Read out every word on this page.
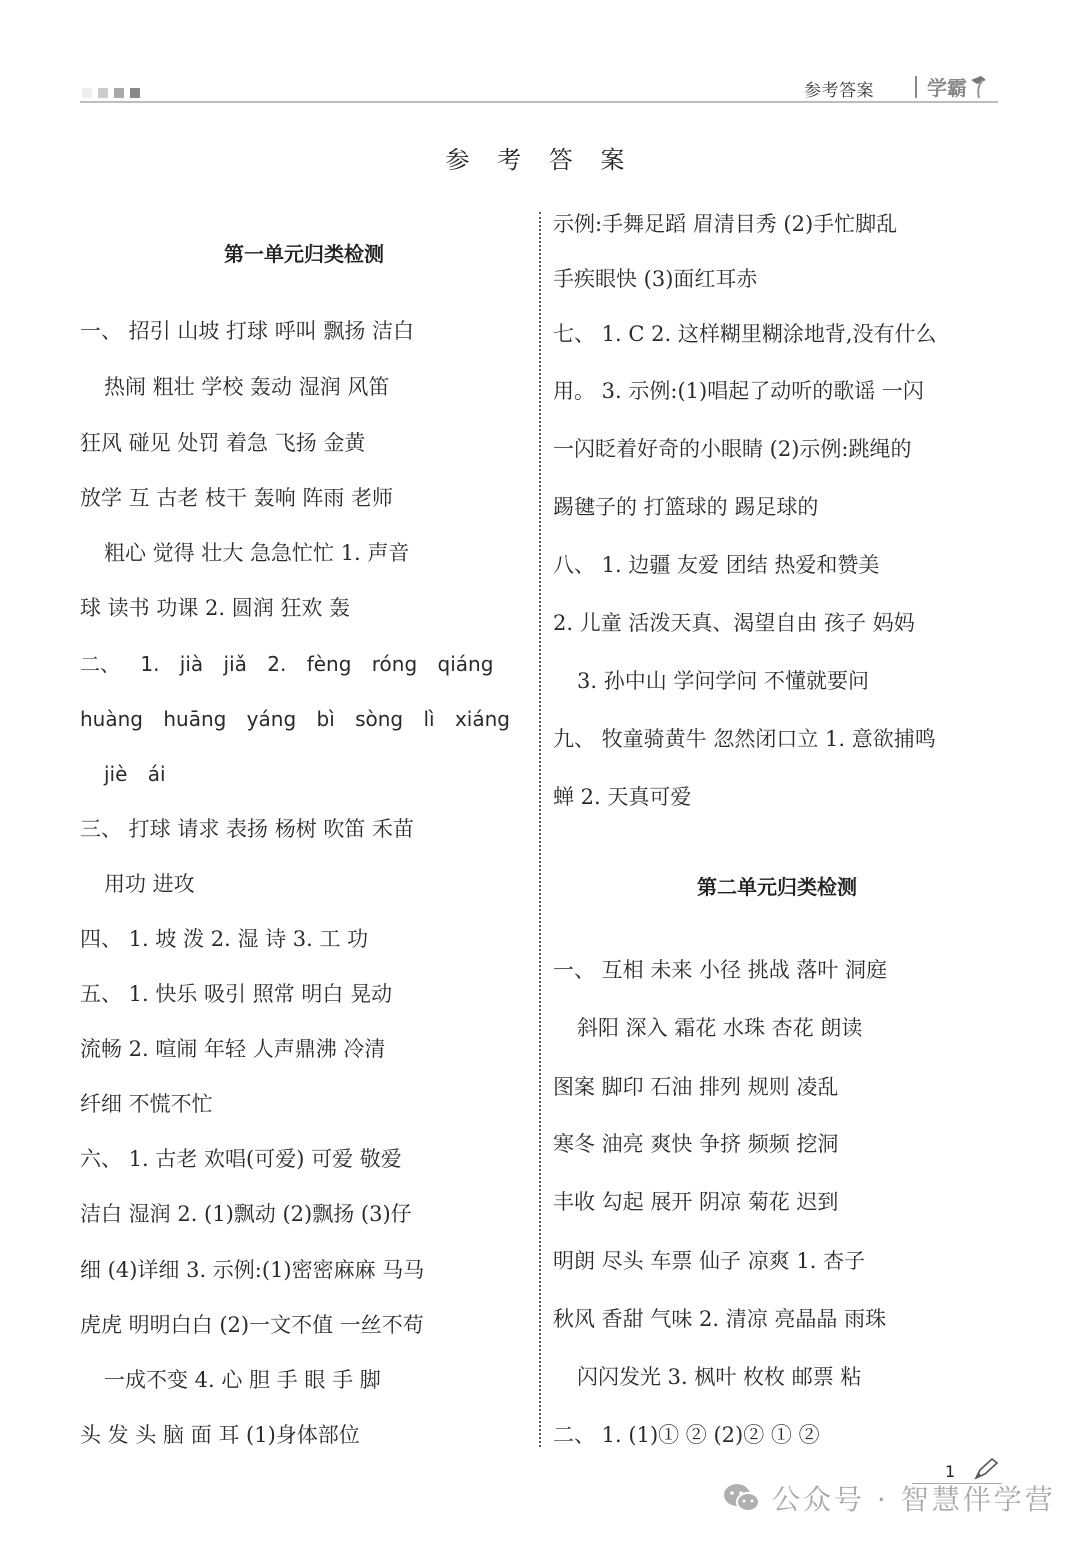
参考答案	学霸
参 考 答 案
第一单元归类检测
一、 招引 山坡 打球 呼叫 飘扬 洁白
热闹 粗壮 学校 轰动 湿润 风笛
狂风 碰见 处罚 着急 飞扬 金黄
放学 互 古老 枝干 轰响 阵雨 老师
粗心 觉得 壮大 急急忙忙 1. 声音
球 读书 功课 2. 圆润 狂欢 轰
二、 1. jià jiǎ 2. fèng róng qiáng
huàng huāng yáng bì sòng lì xiáng
jiè ái
三、 打球 请求 表扬 杨树 吹笛 禾苗
用功 进攻
四、 1. 坡 泼 2. 湿 诗 3. 工 功
五、 1. 快乐 吸引 照常 明白 晃动
流畅 2. 喧闹 年轻 人声鼎沸 冷清
纤细 不慌不忙
六、 1. 古老 欢唱(可爱) 可爱 敬爱
洁白 湿润 2. (1)飘动 (2)飘扬 (3)仔
细 (4)详细 3. 示例:(1)密密麻麻 马马
虎虎 明明白白 (2)一文不值 一丝不苟
一成不变 4. 心 胆 手 眼 手 脚
头 发 头 脑 面 耳 (1)身体部位
示例:手舞足蹈 眉清目秀 (2)手忙脚乱
手疾眼快 (3)面红耳赤
七、 1. C 2. 这样糊里糊涂地背,没有什么
用。 3. 示例:(1)唱起了动听的歌谣 一闪
一闪眨着好奇的小眼睛 (2)示例:跳绳的
踢毽子的 打篮球的 踢足球的
八、 1. 边疆 友爱 团结 热爱和赞美
2. 儿童 活泼天真、渴望自由 孩子 妈妈
3. 孙中山 学问学问 不懂就要问
九、 牧童骑黄牛 忽然闭口立 1. 意欲捕鸣
蝉 2. 天真可爱
第二单元归类检测
一、 互相 未来 小径 挑战 落叶 洞庭
斜阳 深入 霜花 水珠 杏花 朗读
图案 脚印 石油 排列 规则 凌乱
寒冬 油亮 爽快 争挤 频频 挖洞
丰收 勾起 展开 阴凉 菊花 迟到
明朗 尽头 车票 仙子 凉爽 1. 杏子
秋风 香甜 气味 2. 清凉 亮晶晶 雨珠
闪闪发光 3. 枫叶 枚枚 邮票 粘
二、 1. (1)① ② (2)② ① ②
1
公众号 · 智慧伴学营
